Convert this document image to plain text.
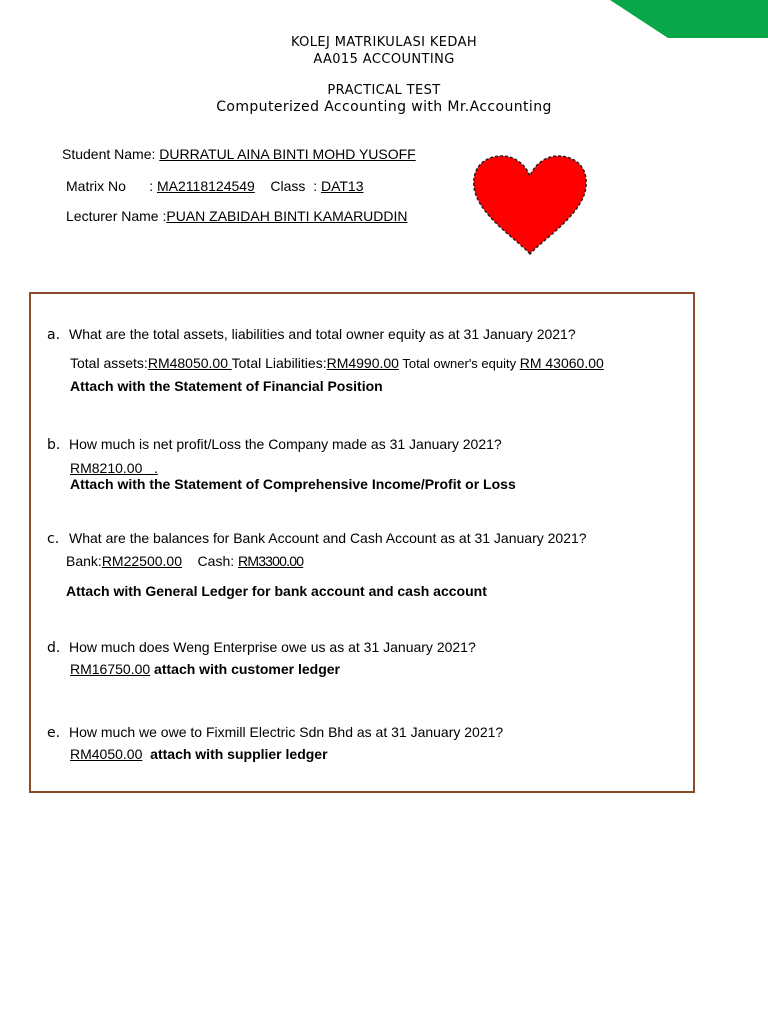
KOLEJ MATRIKULASI KEDAH
AA015 ACCOUNTING
PRACTICAL TEST
Computerized Accounting with Mr.Accounting
Student Name: DURRATUL AINA BINTI MOHD YUSOFF
Matrix No      : MA2118124549    Class  : DAT13
Lecturer Name :PUAN ZABIDAH BINTI KAMARUDDIN
a. What are the total assets, liabilities and total owner equity as at 31 January 2021?
Total assets:RM48050.00 Total Liabilities:RM4990.00 Total owner's equity RM 43060.00
Attach with the Statement of Financial Position
b. How much is net profit/Loss the Company made as 31 January 2021?
RM8210.00   .
Attach with the Statement of Comprehensive Income/Profit or Loss
c. What are the balances for Bank Account and Cash Account as at 31 January 2021?
Bank:RM22500.00    Cash: RM3300.00
Attach with General Ledger for bank account and cash account
d. How much does Weng Enterprise owe us as at 31 January 2021?
RM16750.00 attach with customer ledger
e. How much we owe to Fixmill Electric Sdn Bhd as at 31 January 2021?
RM4050.00  attach with supplier ledger
